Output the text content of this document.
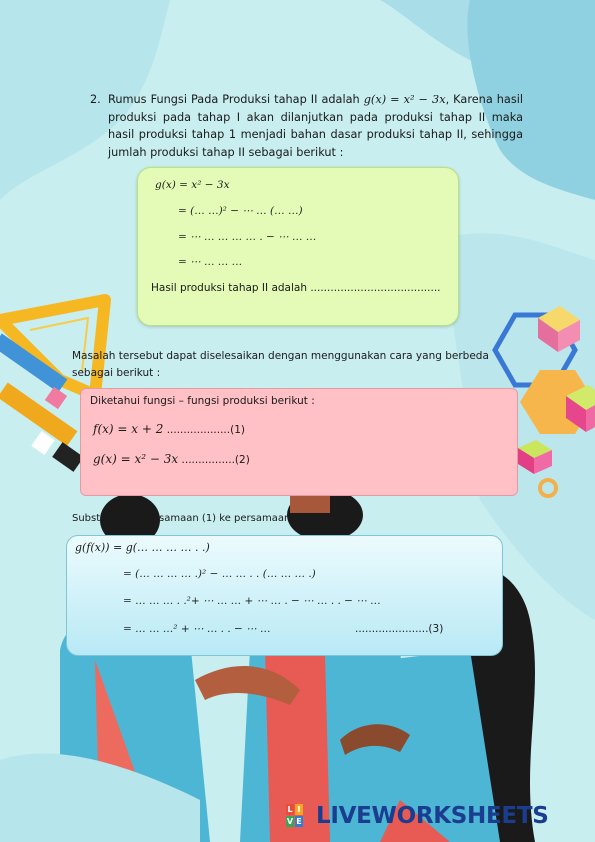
2. Rumus Fungsi Pada Produksi tahap II adalah g(x) = x² − 3x, Karena hasil produksi pada tahap I akan dilanjutkan pada produksi tahap II maka hasil produksi tahap 1 menjadi bahan dasar produksi tahap II, sehingga jumlah produksi tahap II sebagai berikut :
g(x) = x² − 3x
= (… …)² − ⋯ … (… …)
= ⋯ … … … … . − ⋯ … …
= ⋯ … … …
Hasil produksi tahap II adalah .......................................
Masalah tersebut dapat diselesaikan dengan menggunakan cara yang berbeda sebagai berikut :
Diketahui fungsi – fungsi produksi berikut :
f(x) = x + 2 ...................(1)
g(x) = x² − 3x ................(2)
Substitusikan persamaan (1) ke persamaan (2).
g(f(x)) = g(… … … … . .)
= (… … … … .)² − … … . . (… … … .)
= … … … . .²+ ⋯ … … + ⋯ … . − ⋯ … . . − ⋯ …
= … … …² + ⋯ … . . − ⋯ …	......................(3)
L I
V E LIVEWORKSHEETS
